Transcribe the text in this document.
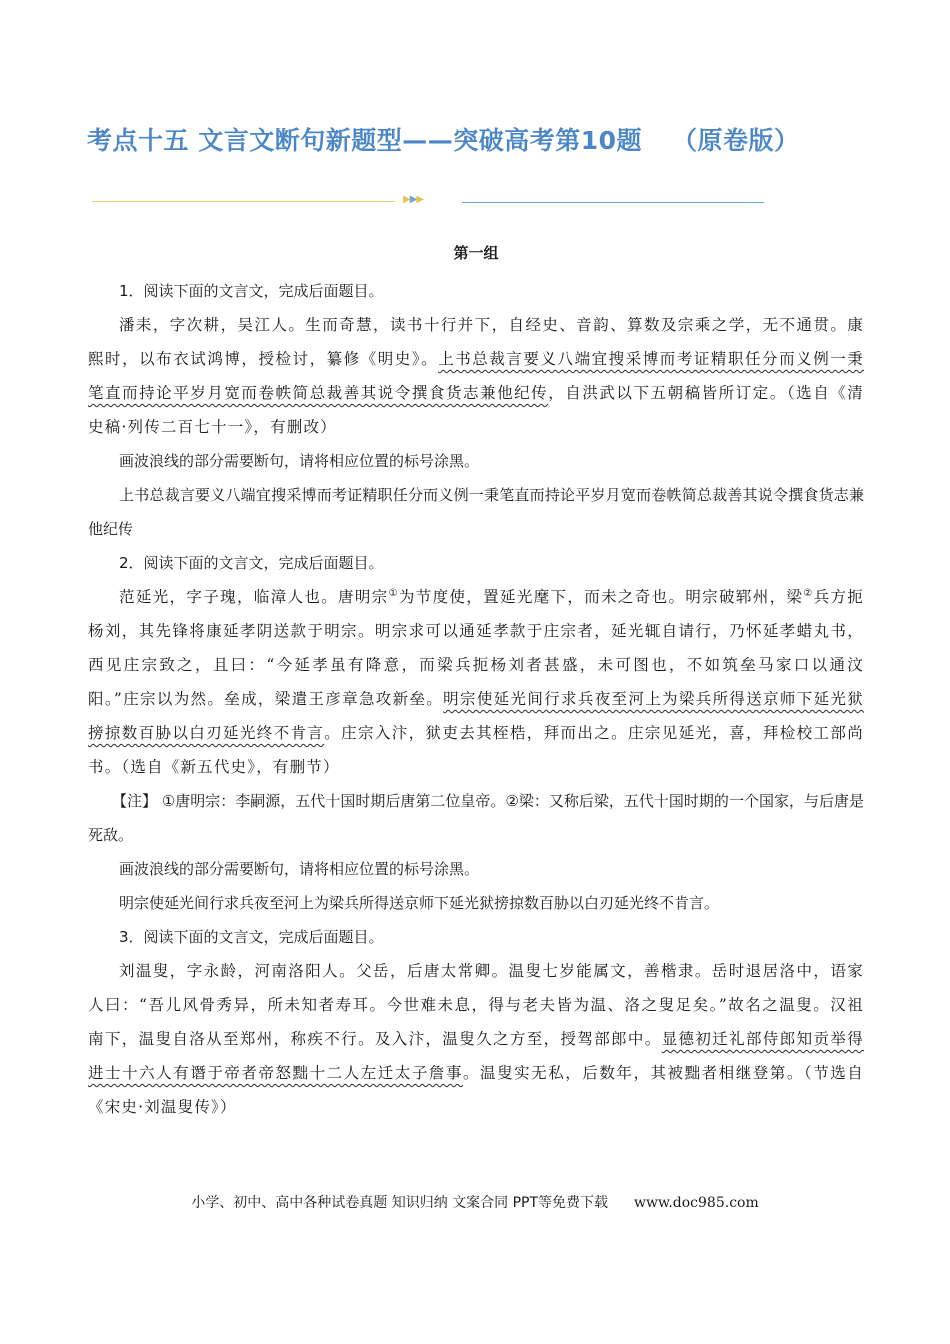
考点十五 文言文断句新题型——突破高考第10题 （原卷版）
▶▶▶
第一组

1．阅读下面的文言文，完成后面题目。

潘耒，字次耕，吴江人。生而奇慧，读书十行并下，自经史、音韵、算数及宗乘之学，无不通贯。康熙时，以布衣试鸿博，授检讨，纂修《明史》。上书总裁言要义八端宜搜采博而考证精职任分而义例一秉笔直而持论平岁月宽而卷帙简总裁善其说令撰食货志兼他纪传，自洪武以下五朝稿皆所订定。（选自《清史稿·列传二百七十一》，有删改）

画波浪线的部分需要断句，请将相应位置的标号涂黑。

上书总裁言要义八端宜搜采博而考证精职任分而义例一秉笔直而持论平岁月宽而卷帙简总裁善其说令撰食货志兼他纪传

2．阅读下面的文言文，完成后面题目。

范延光，字子瑰，临漳人也。唐明宗①为节度使，置延光麾下，而未之奇也。明宗破郓州，梁②兵方扼杨刘，其先锋将康延孝阴送款于明宗。明宗求可以通延孝款于庄宗者，延光辄自请行，乃怀延孝蜡丸书，西见庄宗致之，且曰：“今延孝虽有降意，而梁兵扼杨刘者甚盛，未可图也，不如筑垒马家口以通汶阳。”庄宗以为然。垒成，梁遣王彦章急攻新垒。明宗使延光间行求兵夜至河上为梁兵所得送京师下延光狱搒掠数百胁以白刃延光终不肯言。庄宗入汴，狱吏去其桎梏，拜而出之。庄宗见延光，喜，拜检校工部尚书。（选自《新五代史》，有删节）

【注】 ①唐明宗：李嗣源，五代十国时期后唐第二位皇帝。②梁：又称后梁，五代十国时期的一个国家，与后唐是死敌。

画波浪线的部分需要断句，请将相应位置的标号涂黑。

明宗使延光间行求兵夜至河上为梁兵所得送京师下延光狱搒掠数百胁以白刃延光终不肯言。

3．阅读下面的文言文，完成后面题目。

刘温叟，字永龄，河南洛阳人。父岳，后唐太常卿。温叟七岁能属文，善楷隶。岳时退居洛中，语家人曰：“吾儿风骨秀异，所未知者寿耳。今世难未息，得与老夫皆为温、洛之叟足矣。”故名之温叟。汉祖南下，温叟自洛从至郑州，称疾不行。及入汴，温叟久之方至，授驾部郎中。显德初迁礼部侍郎知贡举得进士十六人有谮于帝者帝怒黜十二人左迁太子詹事。温叟实无私，后数年，其被黜者相继登第。（节选自《宋史·刘温叟传》）

小学、初中、高中各种试卷真题 知识归纳 文案合同 PPT等免费下载 www.doc985.com
